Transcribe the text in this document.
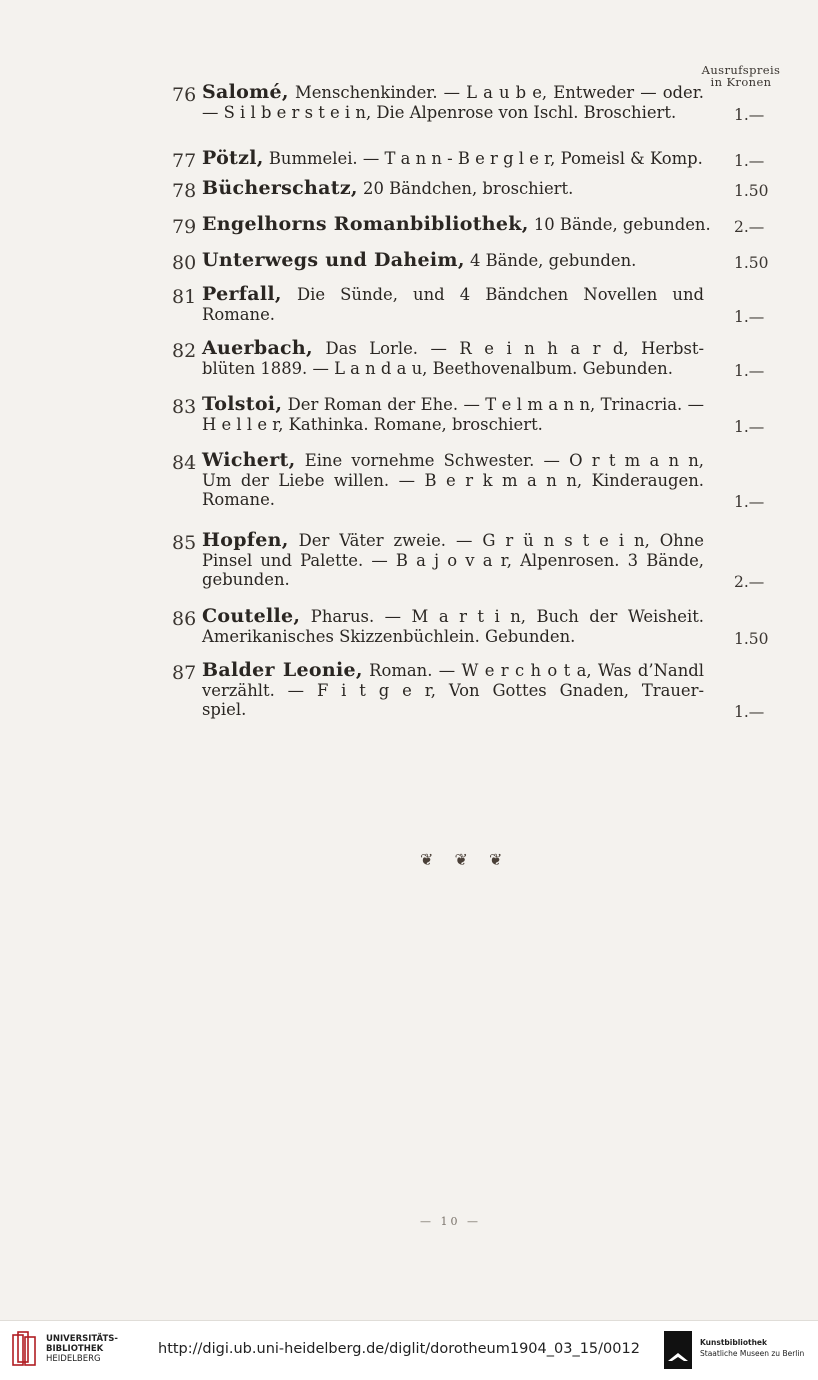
Ausrufspreis
in Kronen
76 Salomé, Menschenkinder. — L a u b e, Entweder — oder.
— S i l b e r s t e i n, Die Alpenrose von Ischl. Broschiert.	1.—
77 Pötzl, Bummelei. — T a n n - B e r g l e r, Pomeisl & Komp. 1.—
78 Bücherschatz, 20 Bändchen, broschiert.	1.50
79 Engelhorns Romanbibliothek, 10 Bände, gebunden. 2.—
80 Unterwegs und Daheim, 4 Bände, gebunden.	1.50
81 Perfall, Die Sünde, und 4 Bändchen Novellen und
Romane.	1.—
82 Auerbach, Das Lorle. — R e i n h a r d, Herbst-
blüten 1889. — L a n d a u, Beethovenalbum. Gebunden.	1.—
83 Tolstoi, Der Roman der Ehe. — T e l m a n n, Trinacria. —
H e l l e r, Kathinka. Romane, broschiert.	1.—
84 Wichert, Eine vornehme Schwester. — O r t m a n n,
Um der Liebe willen. — B e r k m a n n, Kinderaugen.
Romane.	1.—
85 Hopfen, Der Väter zweie. — G r ü n s t e i n, Ohne
Pinsel und Palette. — B a j o v a r, Alpenrosen. 3 Bände,
gebunden.	2.—
86 Coutelle, Pharus. — M a r t i n, Buch der Weisheit.
Amerikanisches Skizzenbüchlein. Gebunden.	1.50
87 Balder Leonie, Roman. — W e r c h o t a, Was d’Nandl
verzählt. — F i t g e r, Von Gottes Gnaden, Trauer-
spiel.	1.—
❦ ❦ ❦
— 10 —
UNIVERSITÄTS-
BIBLIOTHEK
HEIDELBERG
http://digi.ub.uni-heidelberg.de/diglit/dorotheum1904_03_15/0012	Kunstbibliothek
Staatliche Museen zu Berlin
